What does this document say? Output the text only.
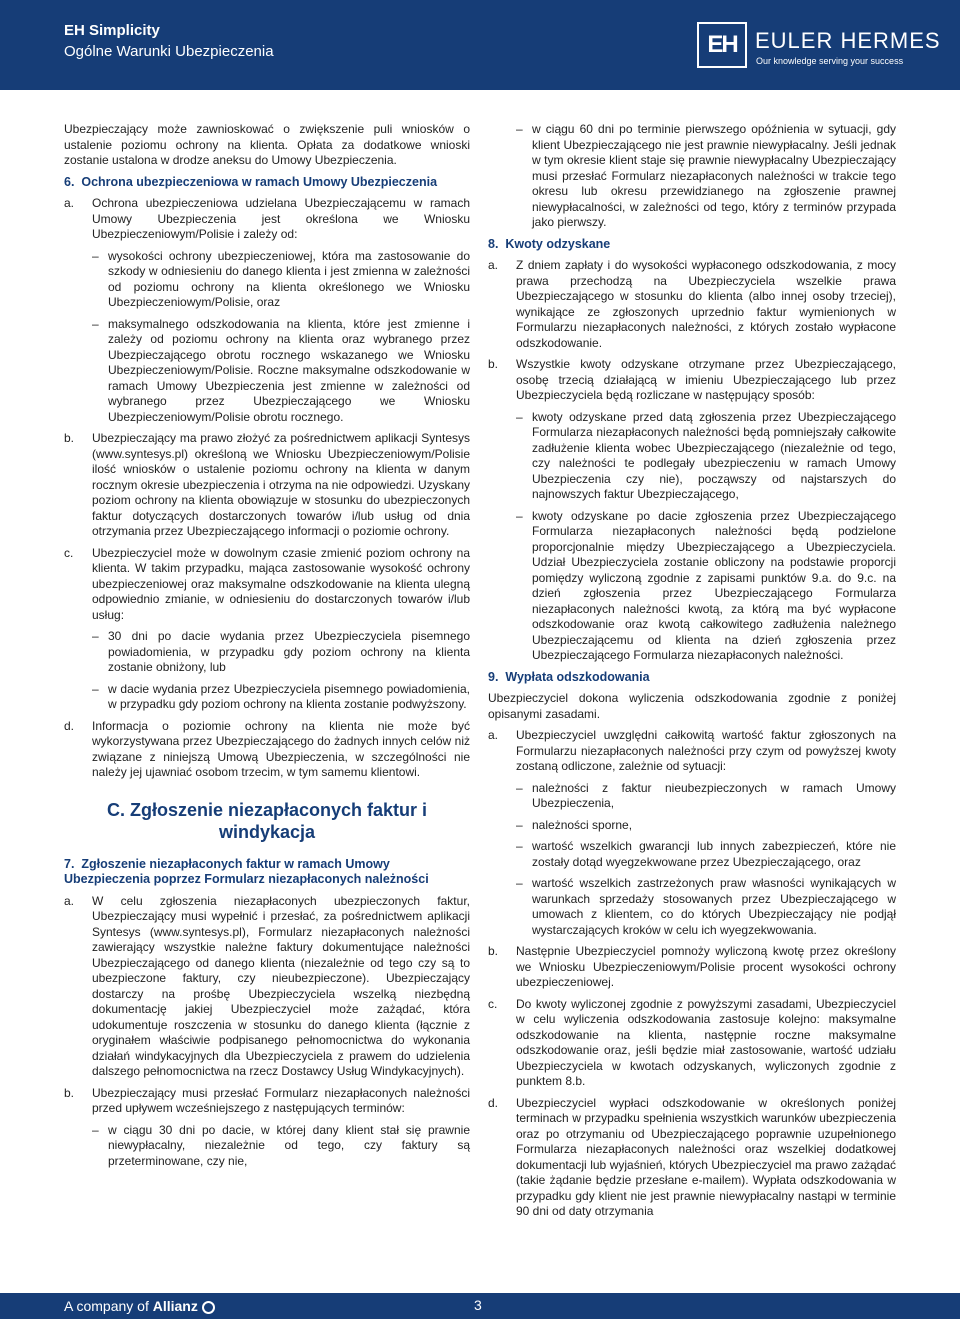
EH Simplicity
Ogólne Warunki Ubezpieczenia	EH EULER HERMES
Our knowledge serving your success

Ubezpieczający może zawnioskować o zwiększenie puli wniosków o ustalenie poziomu ochrony na klienta. Opłata za dodatkowe wnioski zostanie ustalona w drodze aneksu do Umowy Ubezpieczenia.

6.  Ochrona ubezpieczeniowa w ramach Umowy Ubezpieczenia
a.	Ochrona ubezpieczeniowa udzielana Ubezpieczającemu w ramach Umowy Ubezpieczenia jest określona we Wniosku Ubezpieczeniowym/Polisie i zależy od:
– wysokości ochrony ubezpieczeniowej, która ma zastosowanie do szkody w odniesieniu do danego klienta i jest zmienna w zależności od poziomu ochrony na klienta określonego we Wniosku Ubezpieczeniowym/Polisie, oraz
– maksymalnego odszkodowania na klienta, które jest zmienne i zależy od poziomu ochrony na klienta oraz wybranego przez Ubezpieczającego obrotu rocznego wskazanego we Wniosku Ubezpieczeniowym/Polisie. Roczne maksymalne odszkodowanie w ramach Umowy Ubezpieczenia jest zmienne w zależności od wybranego przez Ubezpieczającego we Wniosku Ubezpieczeniowym/Polisie obrotu rocznego.
b.	Ubezpieczający ma prawo złożyć za pośrednictwem aplikacji Syntesys (www.syntesys.pl) określoną we Wniosku Ubezpieczeniowym/Polisie ilość wniosków o ustalenie poziomu ochrony na klienta w danym rocznym okresie ubezpieczenia i otrzyma na nie odpowiedzi. Uzyskany poziom ochrony na klienta obowiązuje w stosunku do ubezpieczonych faktur dotyczących dostarczonych towarów i/lub usług od dnia otrzymania przez Ubezpieczającego informacji o poziomie ochrony.
c.	Ubezpieczyciel może w dowolnym czasie zmienić poziom ochrony na klienta. W takim przypadku, mająca zastosowanie wysokość ochrony ubezpieczeniowej oraz maksymalne odszkodowanie na klienta ulegną odpowiednio zmianie, w odniesieniu do dostarczonych towarów i/lub usług:
– 30 dni po dacie wydania przez Ubezpieczyciela pisemnego powiadomienia, w przypadku gdy poziom ochrony na klienta zostanie obniżony, lub
– w dacie wydania przez Ubezpieczyciela pisemnego powiadomienia, w przypadku gdy poziom ochrony na klienta zostanie podwyższony.
d.	Informacja o poziomie ochrony na klienta nie może być wykorzystywana przez Ubezpieczającego do żadnych innych celów niż związane z niniejszą Umową Ubezpieczenia, w szczególności nie należy jej ujawniać osobom trzecim, w tym samemu klientowi.
C. Zgłoszenie niezapłaconych faktur i windykacja
7.  Zgłoszenie niezapłaconych faktur w ramach Umowy Ubezpieczenia poprzez Formularz niezapłaconych należności
a.	W celu zgłoszenia niezapłaconych ubezpieczonych faktur, Ubezpieczający musi wypełnić i przesłać, za pośrednictwem aplikacji Syntesys (www.syntesys.pl), Formularz niezapłaconych należności zawierający wszystkie należne faktury dokumentujące należności Ubezpieczającego od danego klienta (niezależnie od tego czy są to ubezpieczone faktury, czy nieubezpieczone). Ubezpieczający dostarczy na prośbę Ubezpieczyciela wszelką niezbędną dokumentację jakiej Ubezpieczyciel może zażądać, która udokumentuje roszczenia w stosunku do danego klienta (łącznie z oryginałem właściwie podpisanego pełnomocnictwa do wykonania działań windykacyjnych dla Ubezpieczyciela z prawem do udzielenia dalszego pełnomocnictwa na rzecz Dostawcy Usług Windykacyjnych).
b.	Ubezpieczający musi przesłać Formularz niezapłaconych należności przed upływem wcześniejszego z następujących terminów:
– w ciągu 30 dni po dacie, w której dany klient stał się prawnie niewypłacalny, niezależnie od tego, czy faktury są przeterminowane, czy nie,
– w ciągu 60 dni po terminie pierwszego opóźnienia w sytuacji, gdy klient Ubezpieczającego nie jest prawnie niewypłacalny. Jeśli jednak w tym okresie klient staje się prawnie niewypłacalny Ubezpieczający musi przesłać Formularz niezapłaconych należności w trakcie tego okresu lub okresu przewidzianego na zgłoszenie prawnej niewypłacalności, w zależności od tego, który z terminów przypada jako pierwszy.
8.  Kwoty odzyskane
a.	Z dniem zapłaty i do wysokości wypłaconego odszkodowania, z mocy prawa przechodzą na Ubezpieczyciela wszelkie prawa Ubezpieczającego w stosunku do klienta (albo innej osoby trzeciej), wynikające ze zgłoszonych uprzednio faktur wymienionych w Formularzu niezapłaconych należności, z których zostało wypłacone odszkodowanie.
b.	Wszystkie kwoty odzyskane otrzymane przez Ubezpieczającego, osobę trzecią działającą w imieniu Ubezpieczającego lub przez Ubezpieczyciela będą rozliczane w następujący sposób:
– kwoty odzyskane przed datą zgłoszenia przez Ubezpieczającego Formularza niezapłaconych należności będą pomniejszały całkowite zadłużenie klienta wobec Ubezpieczającego (niezależnie od tego, czy należności te podlegały ubezpieczeniu w ramach Umowy Ubezpieczenia czy nie), począwszy od najstarszych do najnowszych faktur Ubezpieczającego,
– kwoty odzyskane po dacie zgłoszenia przez Ubezpieczającego Formularza niezapłaconych należności będą podzielone proporcjonalnie między Ubezpieczającego a Ubezpieczyciela. Udział Ubezpieczyciela zostanie obliczony na podstawie proporcji pomiędzy wyliczoną zgodnie z zapisami punktów 9.a. do 9.c. na dzień zgłoszenia przez Ubezpieczającego Formularza niezapłaconych należności kwotą, za którą ma być wypłacone odszkodowanie oraz kwotą całkowitego zadłużenia należnego Ubezpieczającemu od klienta na dzień zgłoszenia przez Ubezpieczającego Formularza niezapłaconych należności.
9.  Wypłata odszkodowania

Ubezpieczyciel dokona wyliczenia odszkodowania zgodnie z poniżej opisanymi zasadami.

a.	Ubezpieczyciel uwzględni całkowitą wartość faktur zgłoszonych na Formularzu niezapłaconych należności przy czym od powyższej kwoty zostaną odliczone, zależnie od sytuacji:
– należności z faktur nieubezpieczonych w ramach Umowy Ubezpieczenia,
– należności sporne,
– wartość wszelkich gwarancji lub innych zabezpieczeń, które nie zostały dotąd wyegzekwowane przez Ubezpieczającego, oraz
– wartość wszelkich zastrzeżonych praw własności wynikających w warunkach sprzedaży stosowanych przez Ubezpieczającego w umowach z klientem, co do których Ubezpieczający nie podjął wystarczających kroków w celu ich wyegzekwowania.
b.	Następnie Ubezpieczyciel pomnoży wyliczoną kwotę przez określony we Wniosku Ubezpieczeniowym/Polisie procent wysokości ochrony ubezpieczeniowej.
c.	Do kwoty wyliczonej zgodnie z powyższymi zasadami, Ubezpieczyciel w celu wyliczenia odszkodowania zastosuje kolejno: maksymalne odszkodowanie na klienta, następnie roczne maksymalne odszkodowanie oraz, jeśli będzie miał zastosowanie, wartość udziału Ubezpieczyciela w kwotach odzyskanych, wyliczonych zgodnie z punktem 8.b.
d.	Ubezpieczyciel wypłaci odszkodowanie w określonych poniżej terminach w przypadku spełnienia wszystkich warunków ubezpieczenia oraz po otrzymaniu od Ubezpieczającego poprawnie uzupełnionego Formularza niezapłaconych należności oraz wszelkiej dodatkowej dokumentacji lub wyjaśnień, których Ubezpieczyciel ma prawo zażądać (takie żądanie będzie przesłane e-mailem). Wypłata odszkodowania w przypadku gdy klient nie jest prawnie niewypłacalny nastąpi w terminie 90 dni od daty otrzymania
A company of Allianz	3
